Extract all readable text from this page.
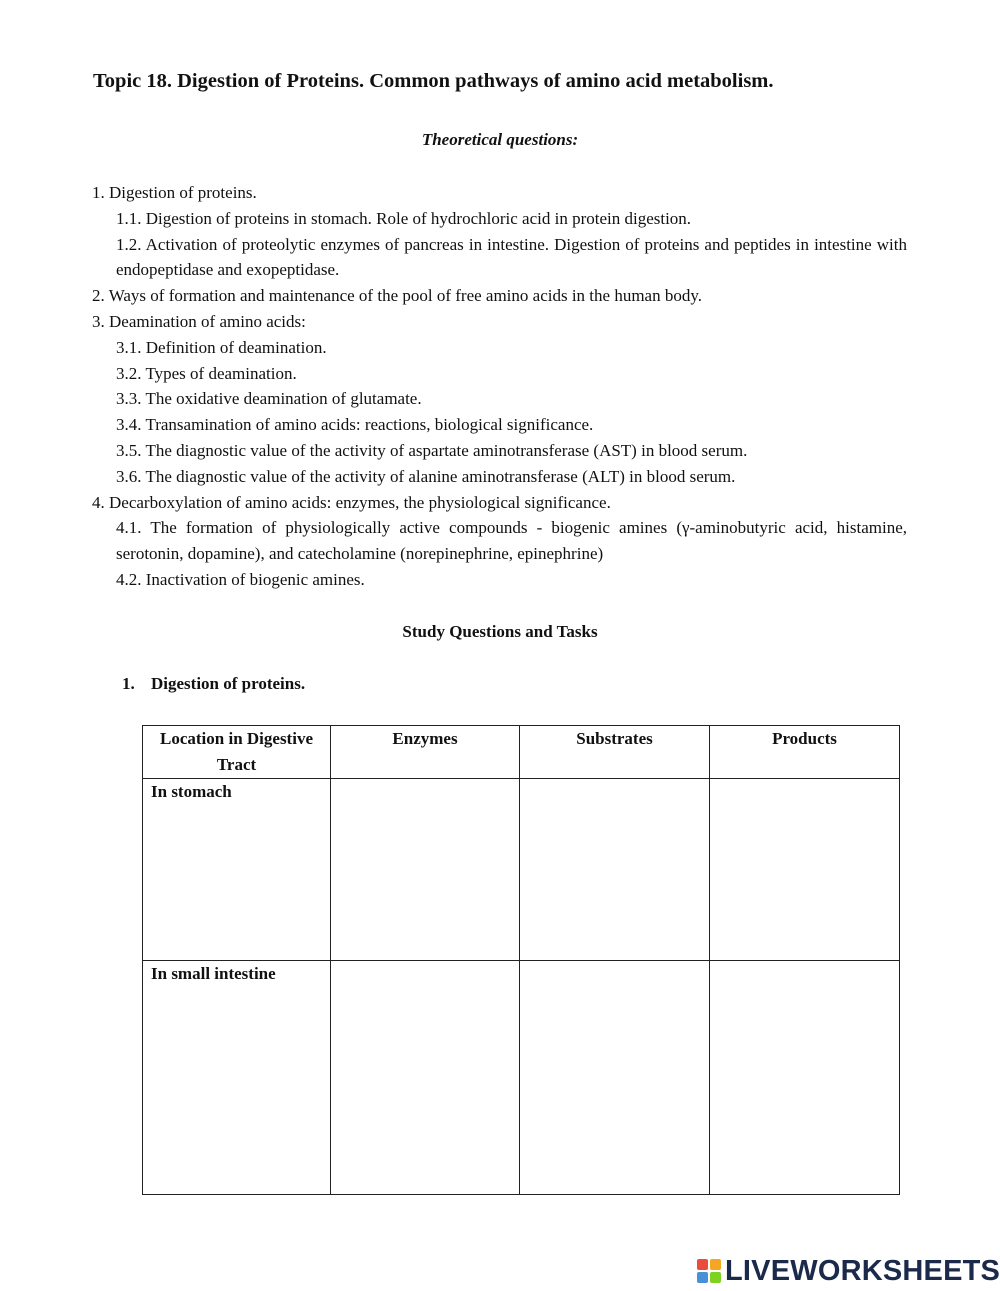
Topic 18. Digestion of Proteins. Common pathways of amino acid metabolism.
Theoretical questions:
1. Digestion of proteins.
1.1. Digestion of proteins in stomach. Role of hydrochloric acid in protein digestion.
1.2. Activation of proteolytic enzymes of pancreas in intestine. Digestion of proteins and peptides in intestine with endopeptidase and exopeptidase.
2. Ways of formation and maintenance of the pool of free amino acids in the human body.
3. Deamination of amino acids:
3.1. Definition of deamination.
3.2. Types of deamination.
3.3. The oxidative deamination of glutamate.
3.4. Transamination of amino acids: reactions, biological significance.
3.5. The diagnostic value of the activity of aspartate aminotransferase (AST) in blood serum.
3.6. The diagnostic value of the activity of alanine aminotransferase (ALT) in blood serum.
4. Decarboxylation of amino acids: enzymes, the physiological significance.
4.1. The formation of physiologically active compounds - biogenic amines (γ-aminobutyric acid, histamine, serotonin, dopamine), and catecholamine (norepinephrine, epinephrine)
4.2. Inactivation of biogenic amines.
Study Questions and Tasks
1. Digestion of proteins.
Location in Digestive Tract	Enzymes	Substrates	Products
In stomach			
In small intestine			
LIVEWORKSHEETS
